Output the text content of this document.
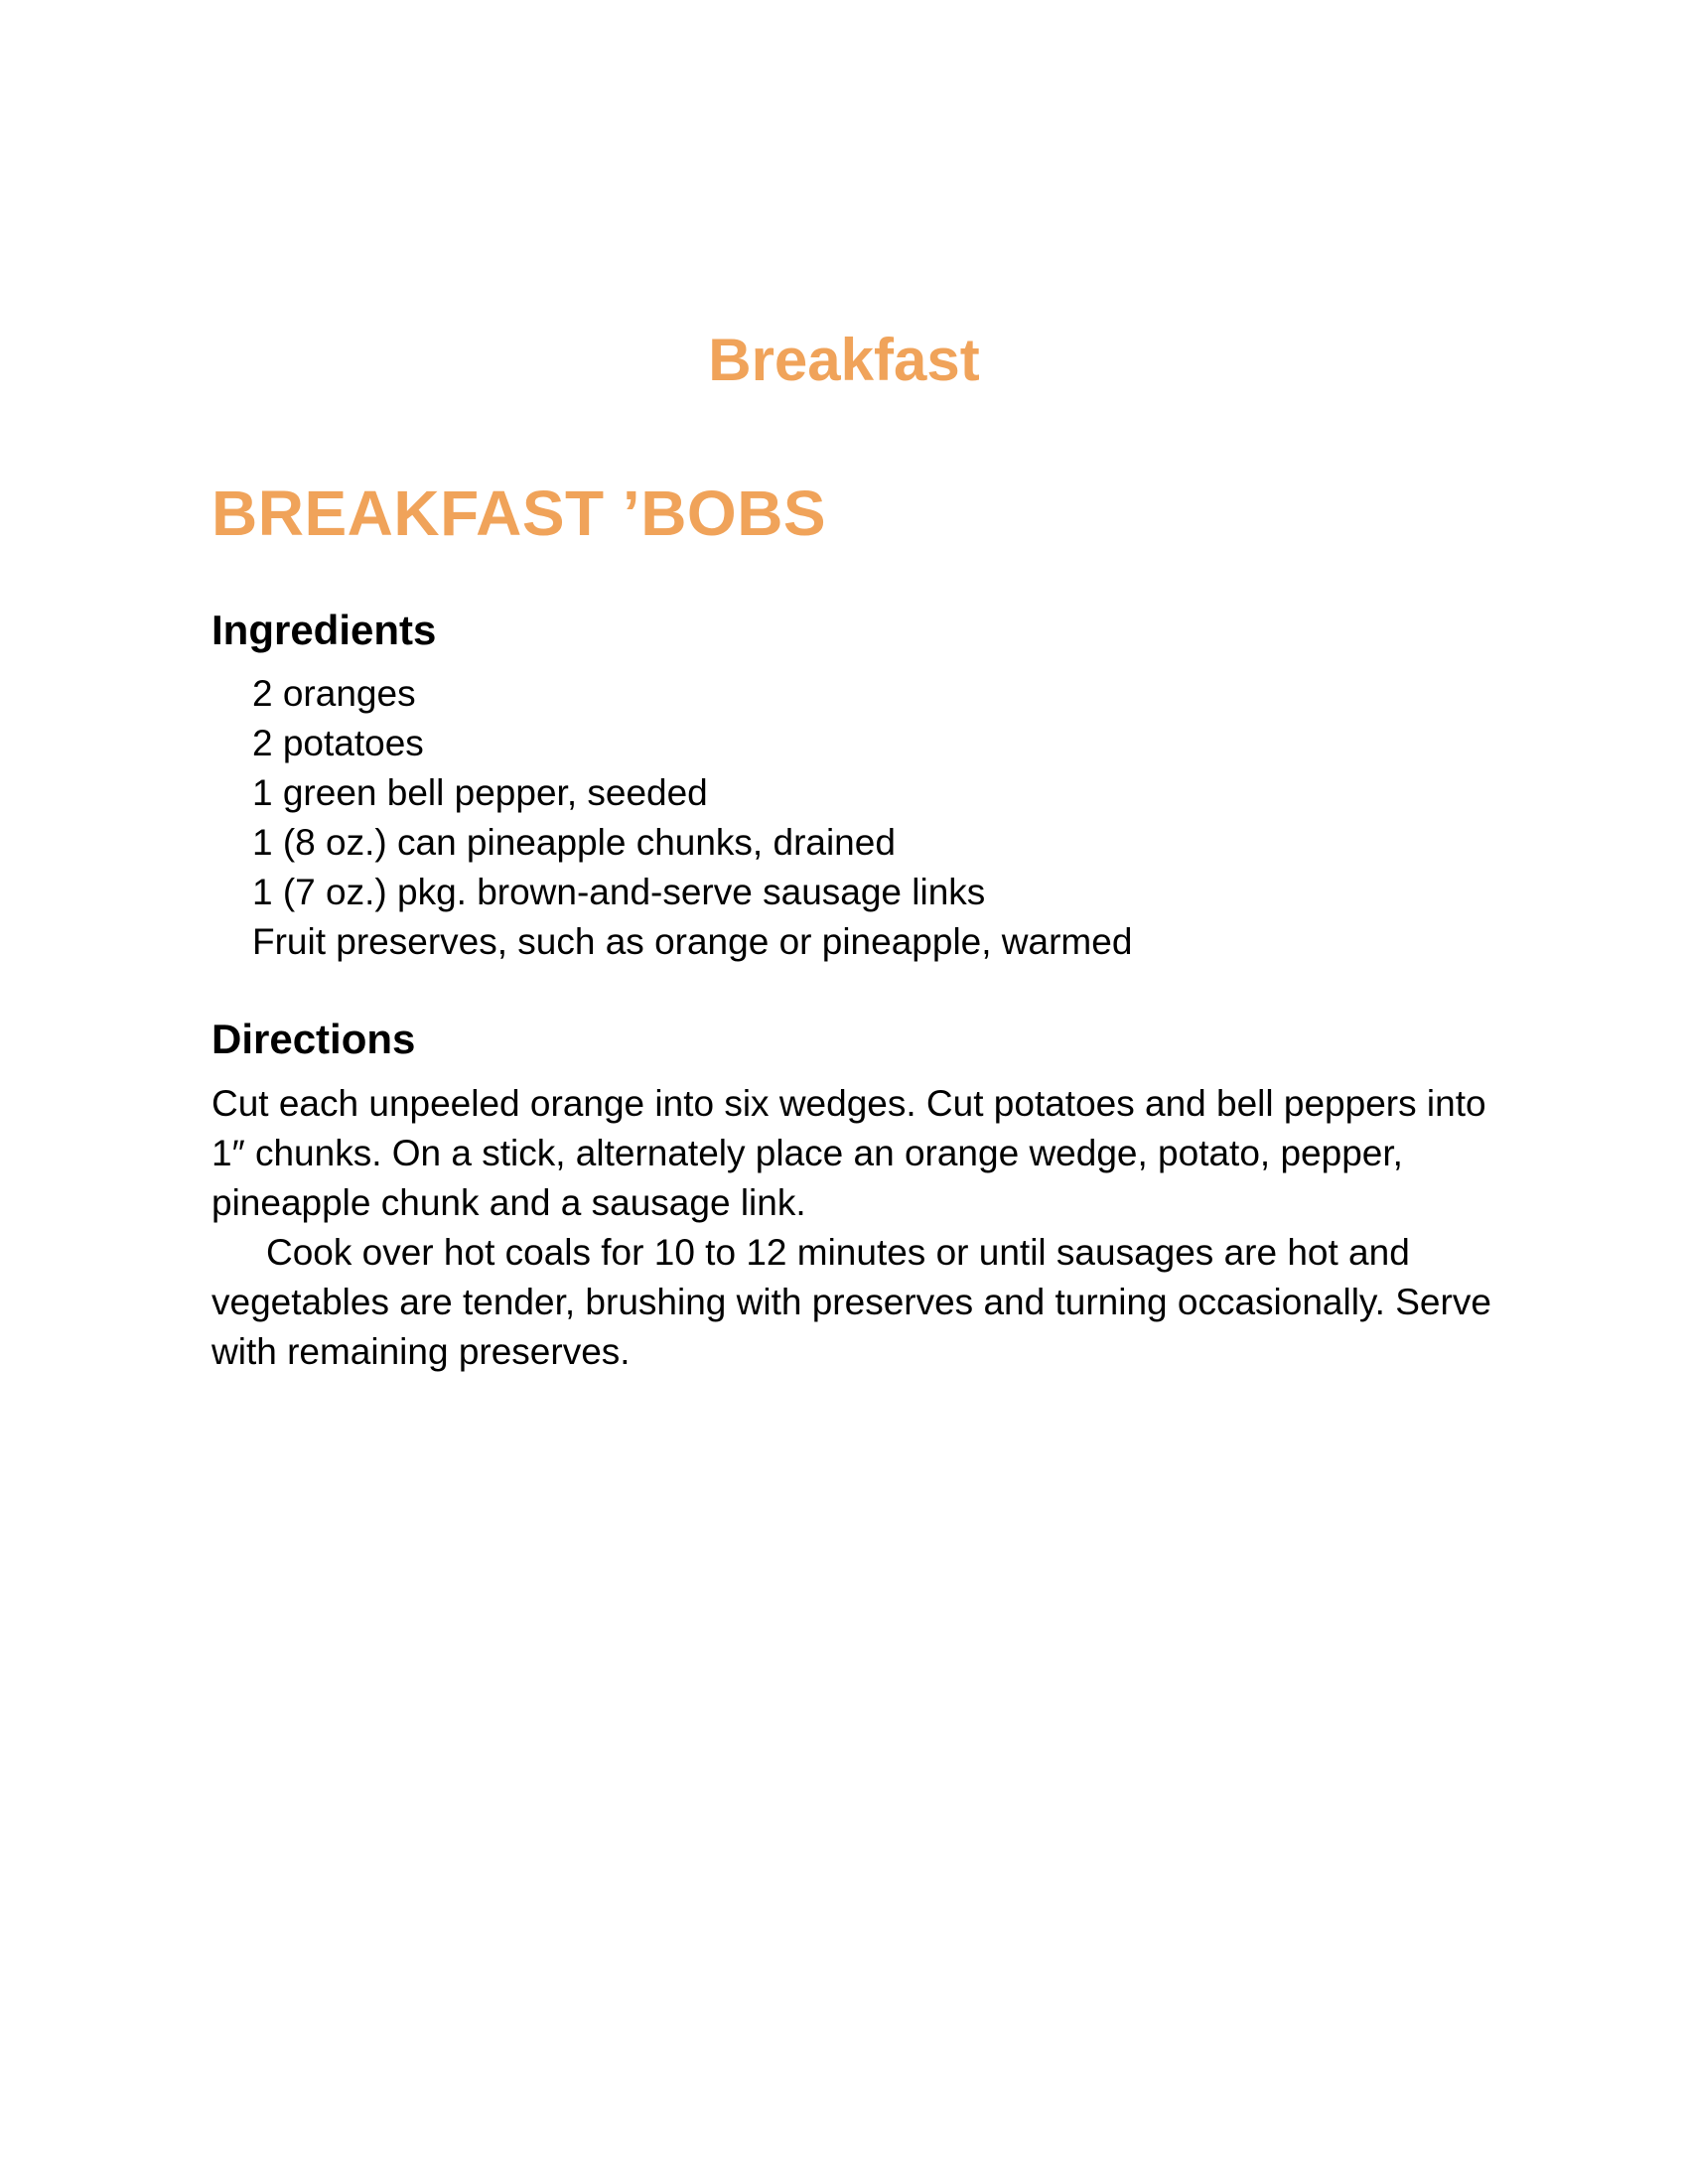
Breakfast
BREAKFAST ’BOBS
Ingredients
2 oranges
2 potatoes
1 green bell pepper, seeded
1 (8 oz.) can pineapple chunks, drained
1 (7 oz.) pkg. brown-and-serve sausage links
Fruit preserves, such as orange or pineapple, warmed
Directions

Cut each unpeeled orange into six wedges. Cut potatoes and bell peppers into 1″ chunks. On a stick, alternately place an orange wedge, potato, pepper, pineapple chunk and a sausage link.

Cook over hot coals for 10 to 12 minutes or until sausages are hot and vegetables are tender, brushing with preserves and turning occasionally. Serve with remaining preserves.
